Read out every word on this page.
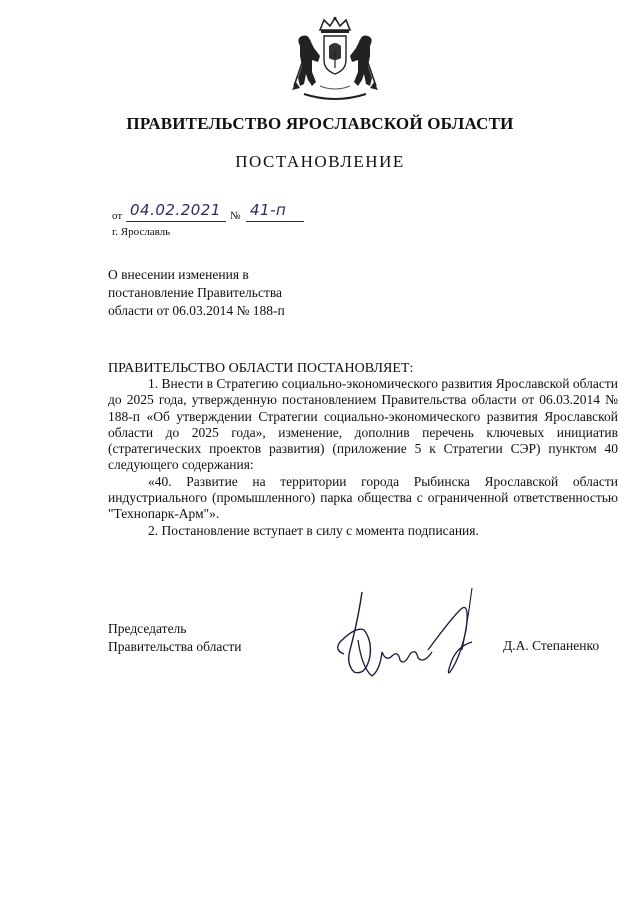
ПРАВИТЕЛЬСТВО ЯРОСЛАВСКОЙ ОБЛАСТИ
ПОСТАНОВЛЕНИЕ
от 04.02.2021 № 41-п
г. Ярославль
О внесении изменения в
постановление Правительства
области от 06.03.2014 № 188-п
ПРАВИТЕЛЬСТВО ОБЛАСТИ ПОСТАНОВЛЯЕТ:

1. Внести в Стратегию социально-экономического развития Ярославской области до 2025 года, утвержденную постановлением Правительства области от 06.03.2014 № 188-п «Об утверждении Стратегии социально-экономического развития Ярославской области до 2025 года», изменение, дополнив перечень ключевых инициатив (стратегических проектов развития) (приложение 5 к Стратегии СЭР) пунктом 40 следующего содержания:

«40. Развитие на территории города Рыбинска Ярославской области индустриального (промышленного) парка общества с ограниченной ответственностью "Технопарк-Арм"».

2. Постановление вступает в силу с момента подписания.

Председатель
Правительства области	Д.А. Степаненко
